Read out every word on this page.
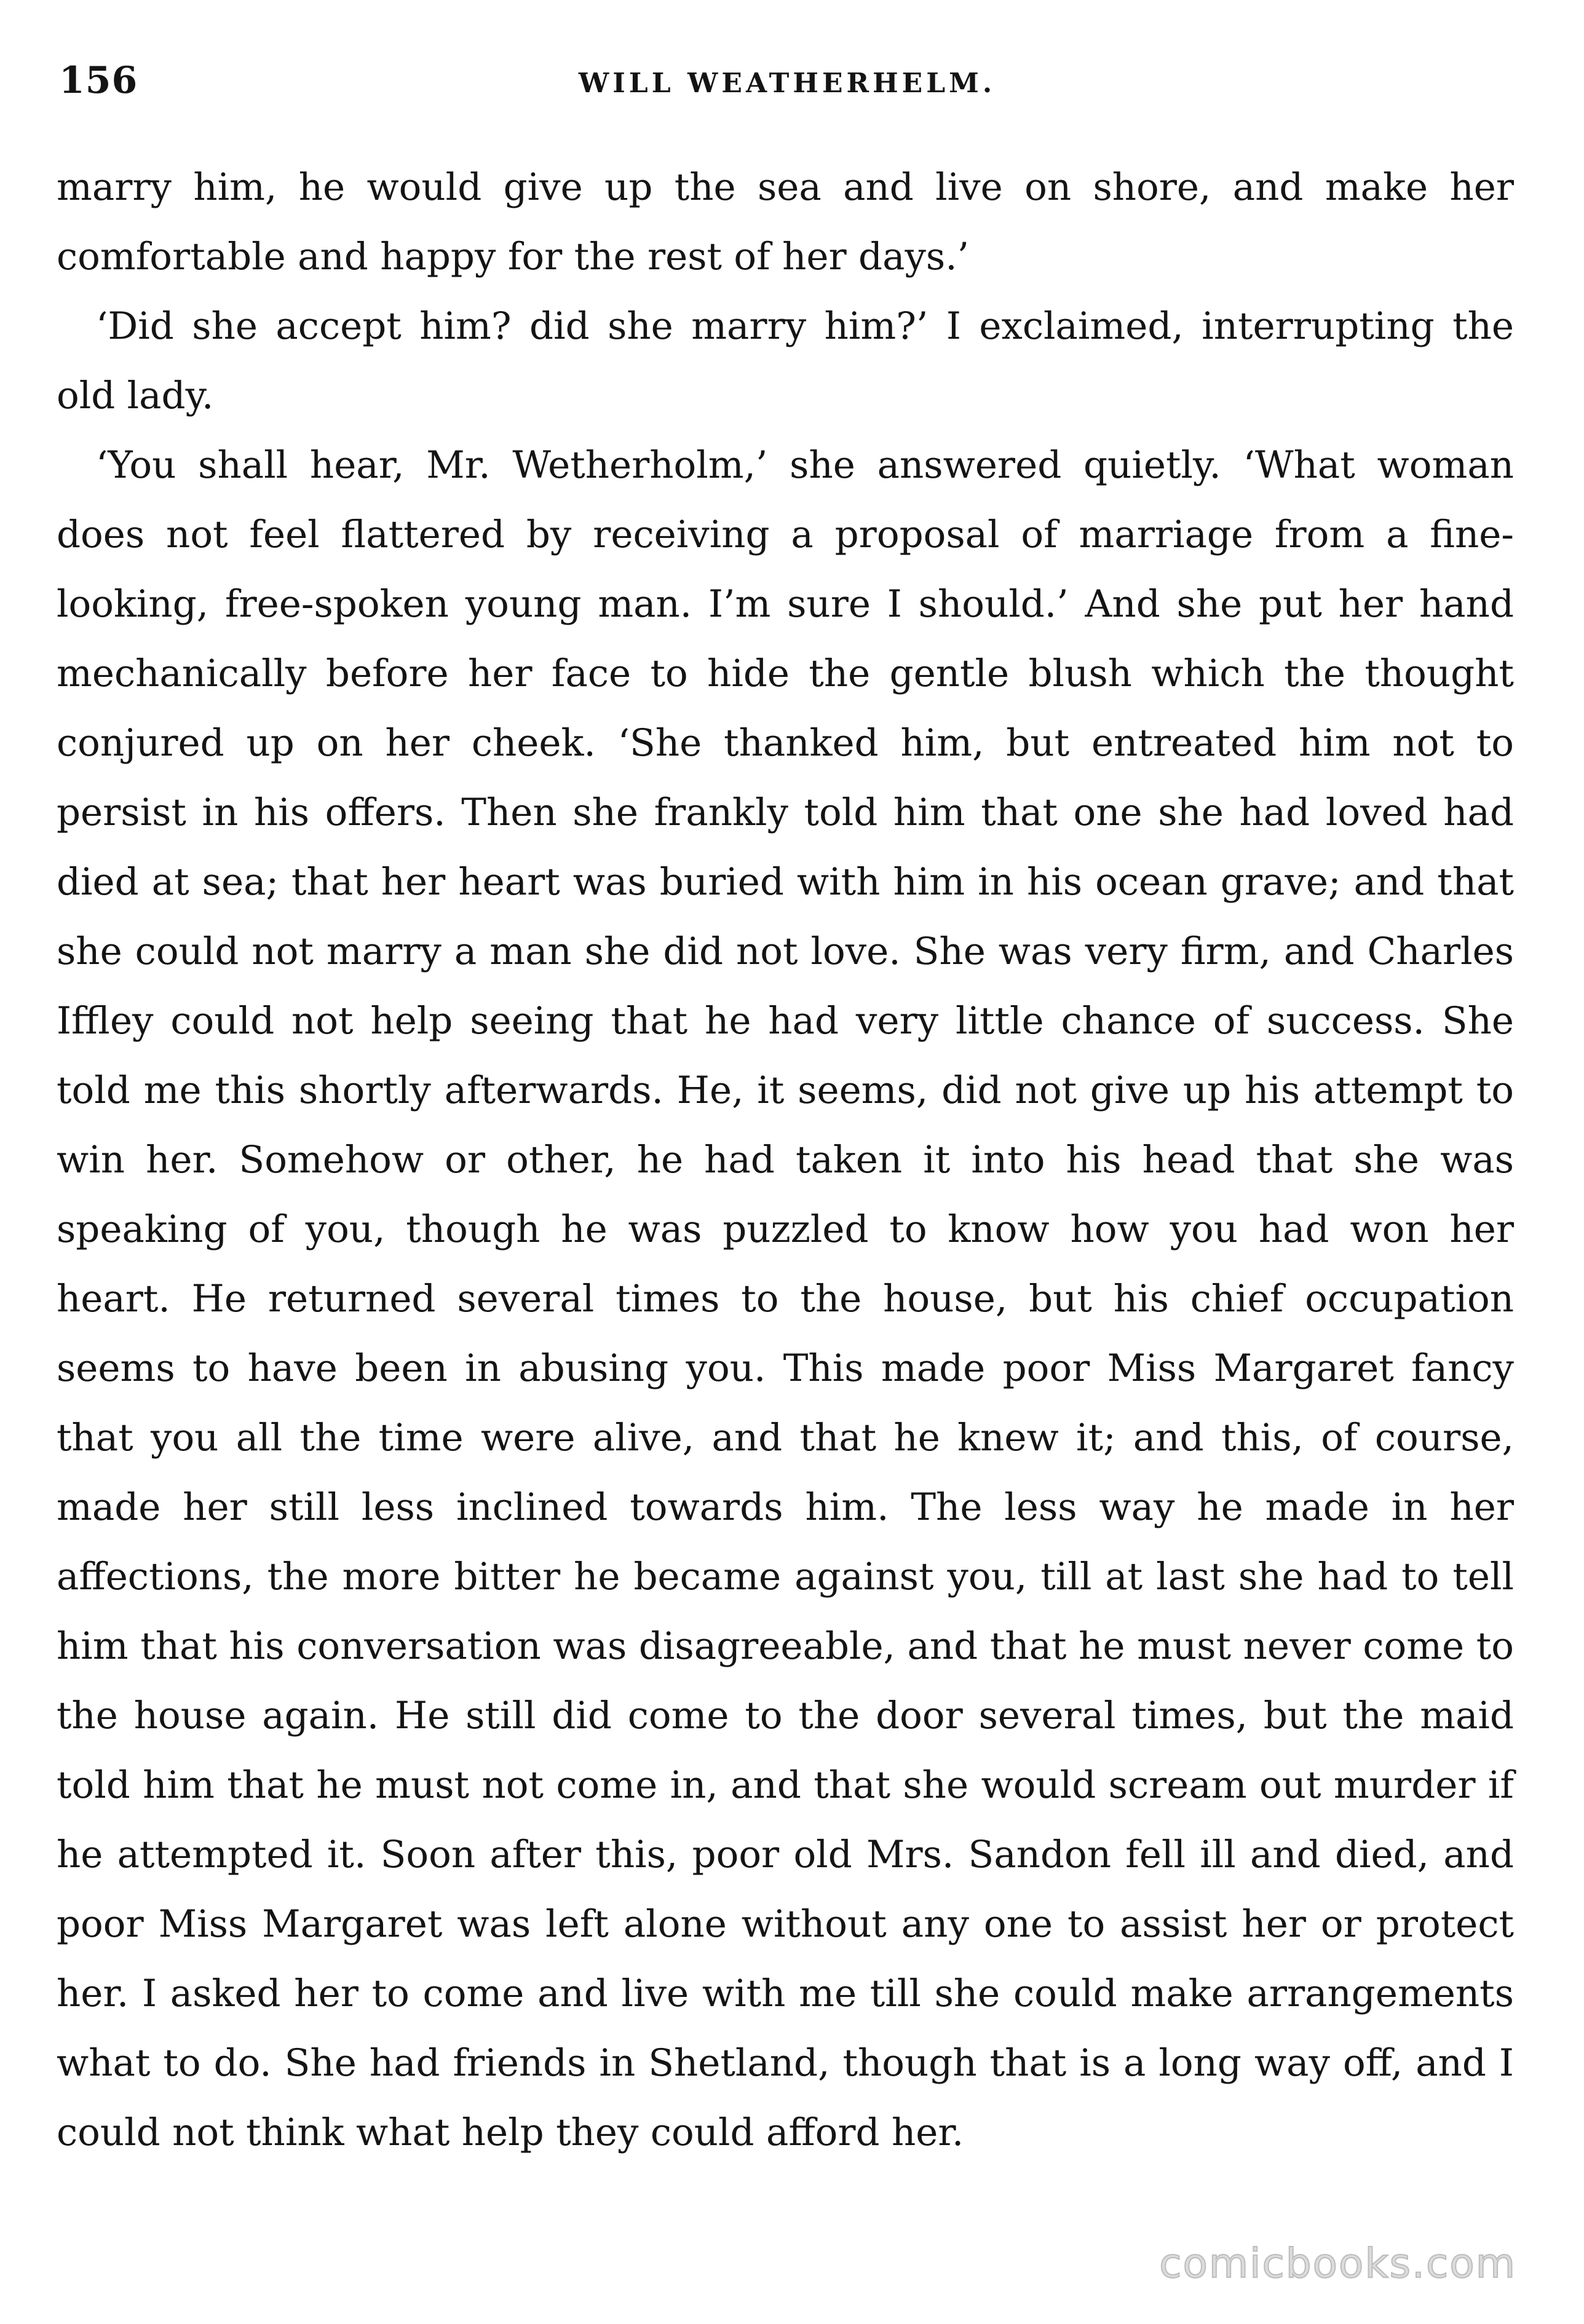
156	WILL WEATHERHELM.

marry him, he would give up the sea and live on shore, and make her comfortable and happy for the rest of her days.’

‘Did she accept him? did she marry him?’ I exclaimed, interrupting the old lady.

‘You shall hear, Mr. Wetherholm,’ she answered quietly. ‘What woman does not feel flattered by receiving a proposal of marriage from a fine-looking, free-spoken young man. I’m sure I should.’ And she put her hand mechanically before her face to hide the gentle blush which the thought conjured up on her cheek. ‘She thanked him, but entreated him not to persist in his offers. Then she frankly told him that one she had loved had died at sea; that her heart was buried with him in his ocean grave; and that she could not marry a man she did not love. She was very firm, and Charles Iffley could not help seeing that he had very little chance of success. She told me this shortly afterwards. He, it seems, did not give up his attempt to win her. Somehow or other, he had taken it into his head that she was speaking of you, though he was puzzled to know how you had won her heart. He returned several times to the house, but his chief occupation seems to have been in abusing you. This made poor Miss Margaret fancy that you all the time were alive, and that he knew it; and this, of course, made her still less inclined towards him. The less way he made in her affections, the more bitter he became against you, till at last she had to tell him that his conversation was disagreeable, and that he must never come to the house again. He still did come to the door several times, but the maid told him that he must not come in, and that she would scream out murder if he attempted it. Soon after this, poor old Mrs. Sandon fell ill and died, and poor Miss Margaret was left alone without any one to assist her or protect her. I asked her to come and live with me till she could make arrangements what to do. She had friends in Shetland, though that is a long way off, and I could not think what help they could afford her.

comicbooks.com
